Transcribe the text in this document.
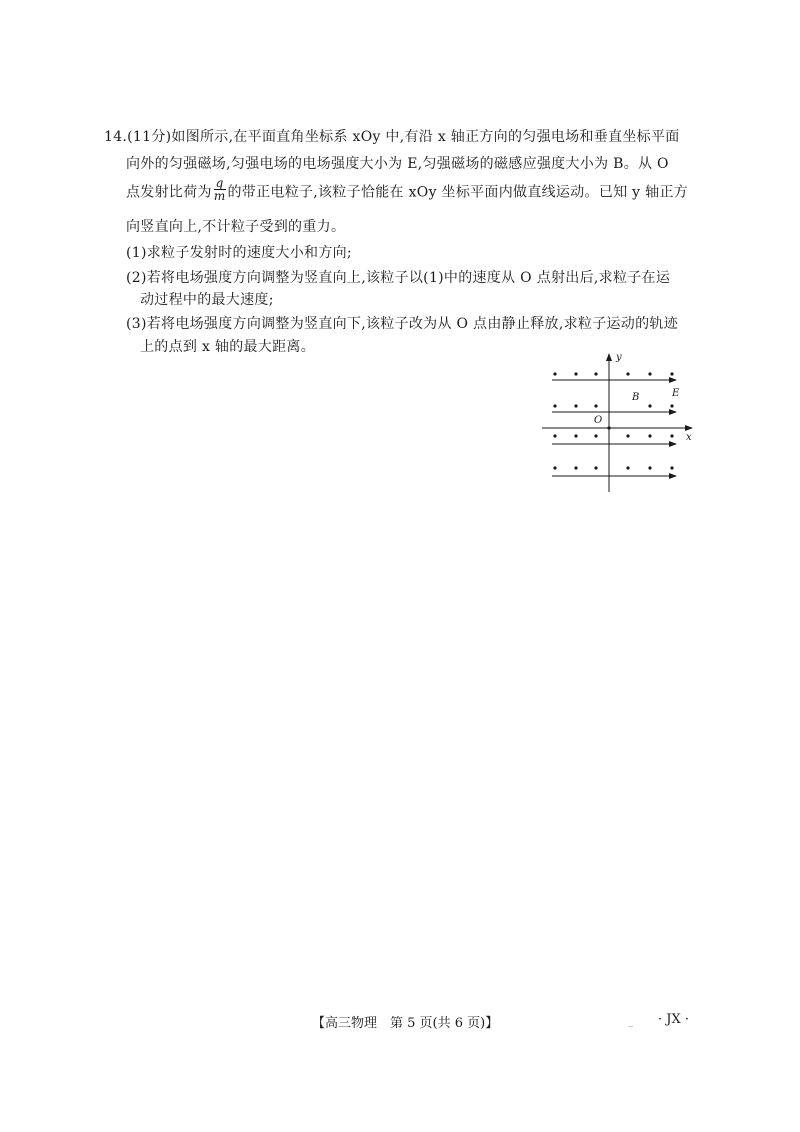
14.(11分)如图所示,在平面直角坐标系 xOy 中,有沿 x 轴正方向的匀强电场和垂直坐标平面
向外的匀强磁场,匀强电场的电场强度大小为 E,匀强磁场的磁感应强度大小为 B。从 O
点发射比荷为 $\frac{q}{m}$ 的带正电粒子,该粒子恰能在 xOy 坐标平面内做直线运动。已知 y 轴正方
向竖直向上,不计粒子受到的重力。
(1)求粒子发射时的速度大小和方向;
(2)若将电场强度方向调整为竖直向上,该粒子以(1)中的速度从 O 点射出后,求粒子在运
动过程中的最大速度;
(3)若将电场强度方向调整为竖直向下,该粒子改为从 O 点由静止释放,求粒子运动的轨迹
上的点到 x 轴的最大距离。
y
x
O
B	E
【高三物理　第 5 页(共 6 页)】	_ · JX ·
